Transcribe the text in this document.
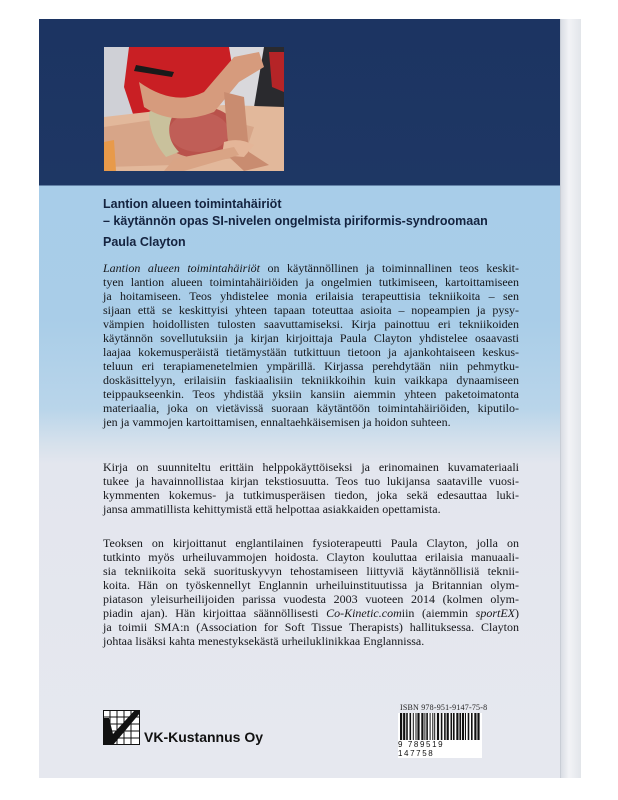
Lantion alueen toimintahäiriöt
– käytännön opas SI-nivelen ongelmista piriformis-syndroomaan
Paula Clayton
Lantion alueen toimintahäiriöt on käytännöllinen ja toiminnallinen teos keskit-
tyen lantion alueen toimintahäiriöiden ja ongelmien tutkimiseen, kartoittamiseen
ja hoitamiseen. Teos yhdistelee monia erilaisia terapeuttisia tekniikoita – sen
sijaan että se keskittyisi yhteen tapaan toteuttaa asioita – nopeampien ja pysy-
vämpien hoidollisten tulosten saavuttamiseksi. Kirja painottuu eri tekniikoiden
käytännön sovellutuksiin ja kirjan kirjoittaja Paula Clayton yhdistelee osaavasti
laajaa kokemusperäistä tietämystään tutkittuun tietoon ja ajankohtaiseen keskus-
teluun eri terapiamenetelmien ympärillä. Kirjassa perehdytään niin pehmytku-
doskäsittelyyn, erilaisiin faskiaalisiin tekniikkoihin kuin vaikkapa dynaamiseen
teippaukseenkin. Teos yhdistää yksiin kansiin aiemmin yhteen paketoimatonta
materiaalia, joka on vietävissä suoraan käytäntöön toimintahäiriöiden, kiputilo-
jen ja vammojen kartoittamisen, ennaltaehkäisemisen ja hoidon suhteen.
Kirja on suunniteltu erittäin helppokäyttöiseksi ja erinomainen kuvamateriaali
tukee ja havainnollistaa kirjan tekstiosuutta. Teos tuo lukijansa saataville vuosi-
kymmenten kokemus- ja tutkimusperäisen tiedon, joka sekä edesauttaa luki-
jansa ammatillista kehittymistä että helpottaa asiakkaiden opettamista.
Teoksen on kirjoittanut englantilainen fysioterapeutti Paula Clayton, jolla on
tutkinto myös urheiluvammojen hoidosta. Clayton kouluttaa erilaisia manuaali-
sia tekniikoita sekä suorituskyvyn tehostamiseen liittyviä käytännöllisiä teknii-
koita. Hän on työskennellyt Englannin urheiluinstituutissa ja Britannian olym-
piatason yleisurheilijoiden parissa vuodesta 2003 vuoteen 2014 (kolmen olym-
piadin ajan). Hän kirjoittaa säännöllisesti Co-Kinetic.comiin (aiemmin sportEX)
ja toimii SMA:n (Association for Soft Tissue Therapists) hallituksessa. Clayton
johtaa lisäksi kahta menestyksekästä urheiluklinikkaa Englannissa.
VK-Kustannus Oy
ISBN 978-951-9147-75-8
9 789519 147758
